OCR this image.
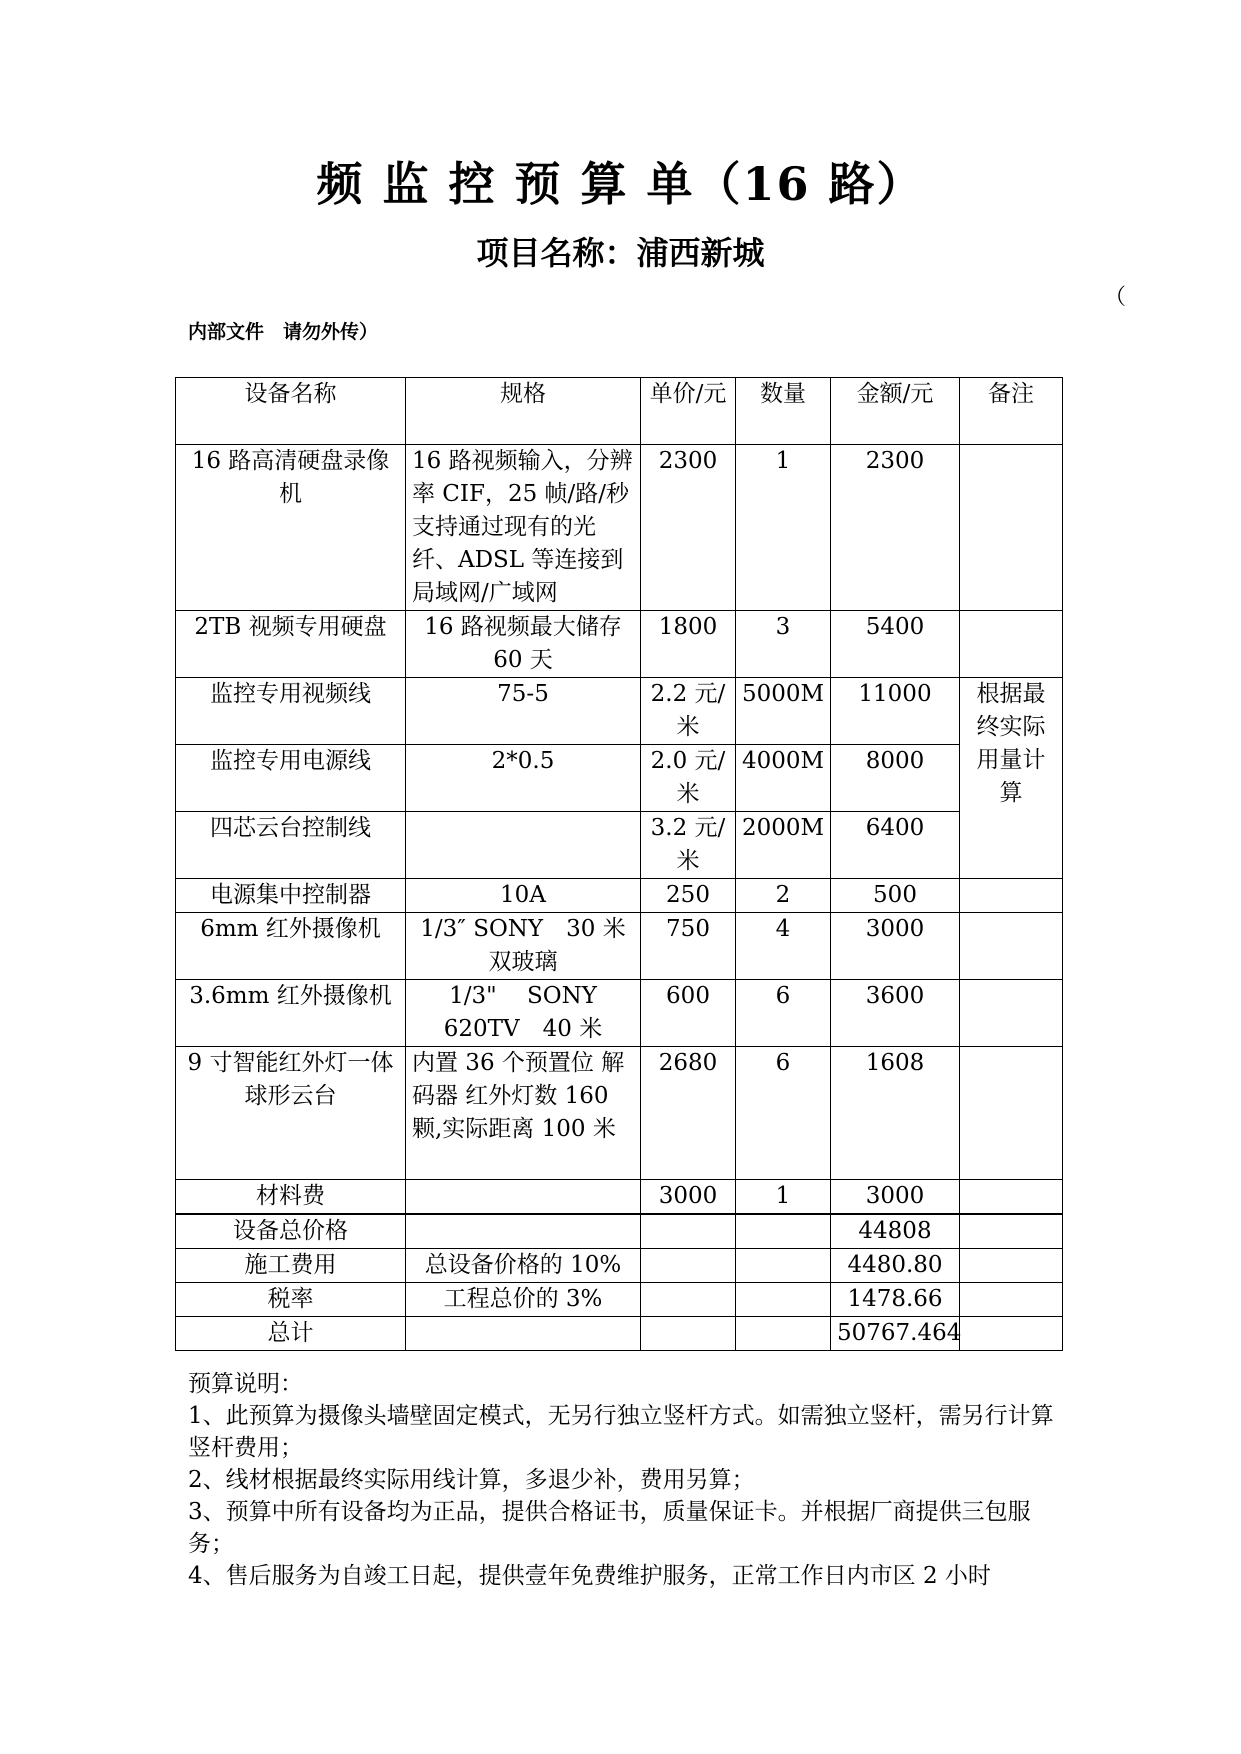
频 监 控 预 算 单（16 路）
项目名称：浦西新城
（
内部文件　请勿外传）
设备名称	规格	单价/元	数量	金额/元	备注
16 路高清硬盘录像机	16 路视频输入，分辨率 CIF，25 帧/路/秒 支持通过现有的光纤、ADSL 等连接到局域网/广域网	2300	1	2300	
2TB 视频专用硬盘	16 路视频最大储存 60 天	1800	3	5400	
监控专用视频线	75-5	2.2 元/米	5000M	11000	根据最终实际用量计算
监控专用电源线	2*0.5	2.0 元/米	4000M	8000	
四芯云台控制线		3.2 元/米	2000M	6400	
电源集中控制器	10A	250	2	500	
6mm 红外摄像机	1/3″ SONY　30 米双玻璃	750	4	3000	
3.6mm 红外摄像机	1/3"　 SONY　620TV　40 米	600	6	3600	
9 寸智能红外灯一体球形云台	内置 36 个预置位 解码器 红外灯数 160 颗,实际距离 100 米	2680	6	1608	
材料费		3000	1	3000	
设备总价格				44808	
施工费用	总设备价格的 10%			4480.80	
税率	工程总价的 3%			1478.66	
总计				50767.464	
预算说明：
1、此预算为摄像头墙壁固定模式，无另行独立竖杆方式。如需独立竖杆，需另行计算竖杆费用；
2、线材根据最终实际用线计算，多退少补，费用另算；
3、预算中所有设备均为正品，提供合格证书，质量保证卡。并根据厂商提供三包服务；
4、售后服务为自竣工日起，提供壹年免费维护服务，正常工作日内市区 2 小时
